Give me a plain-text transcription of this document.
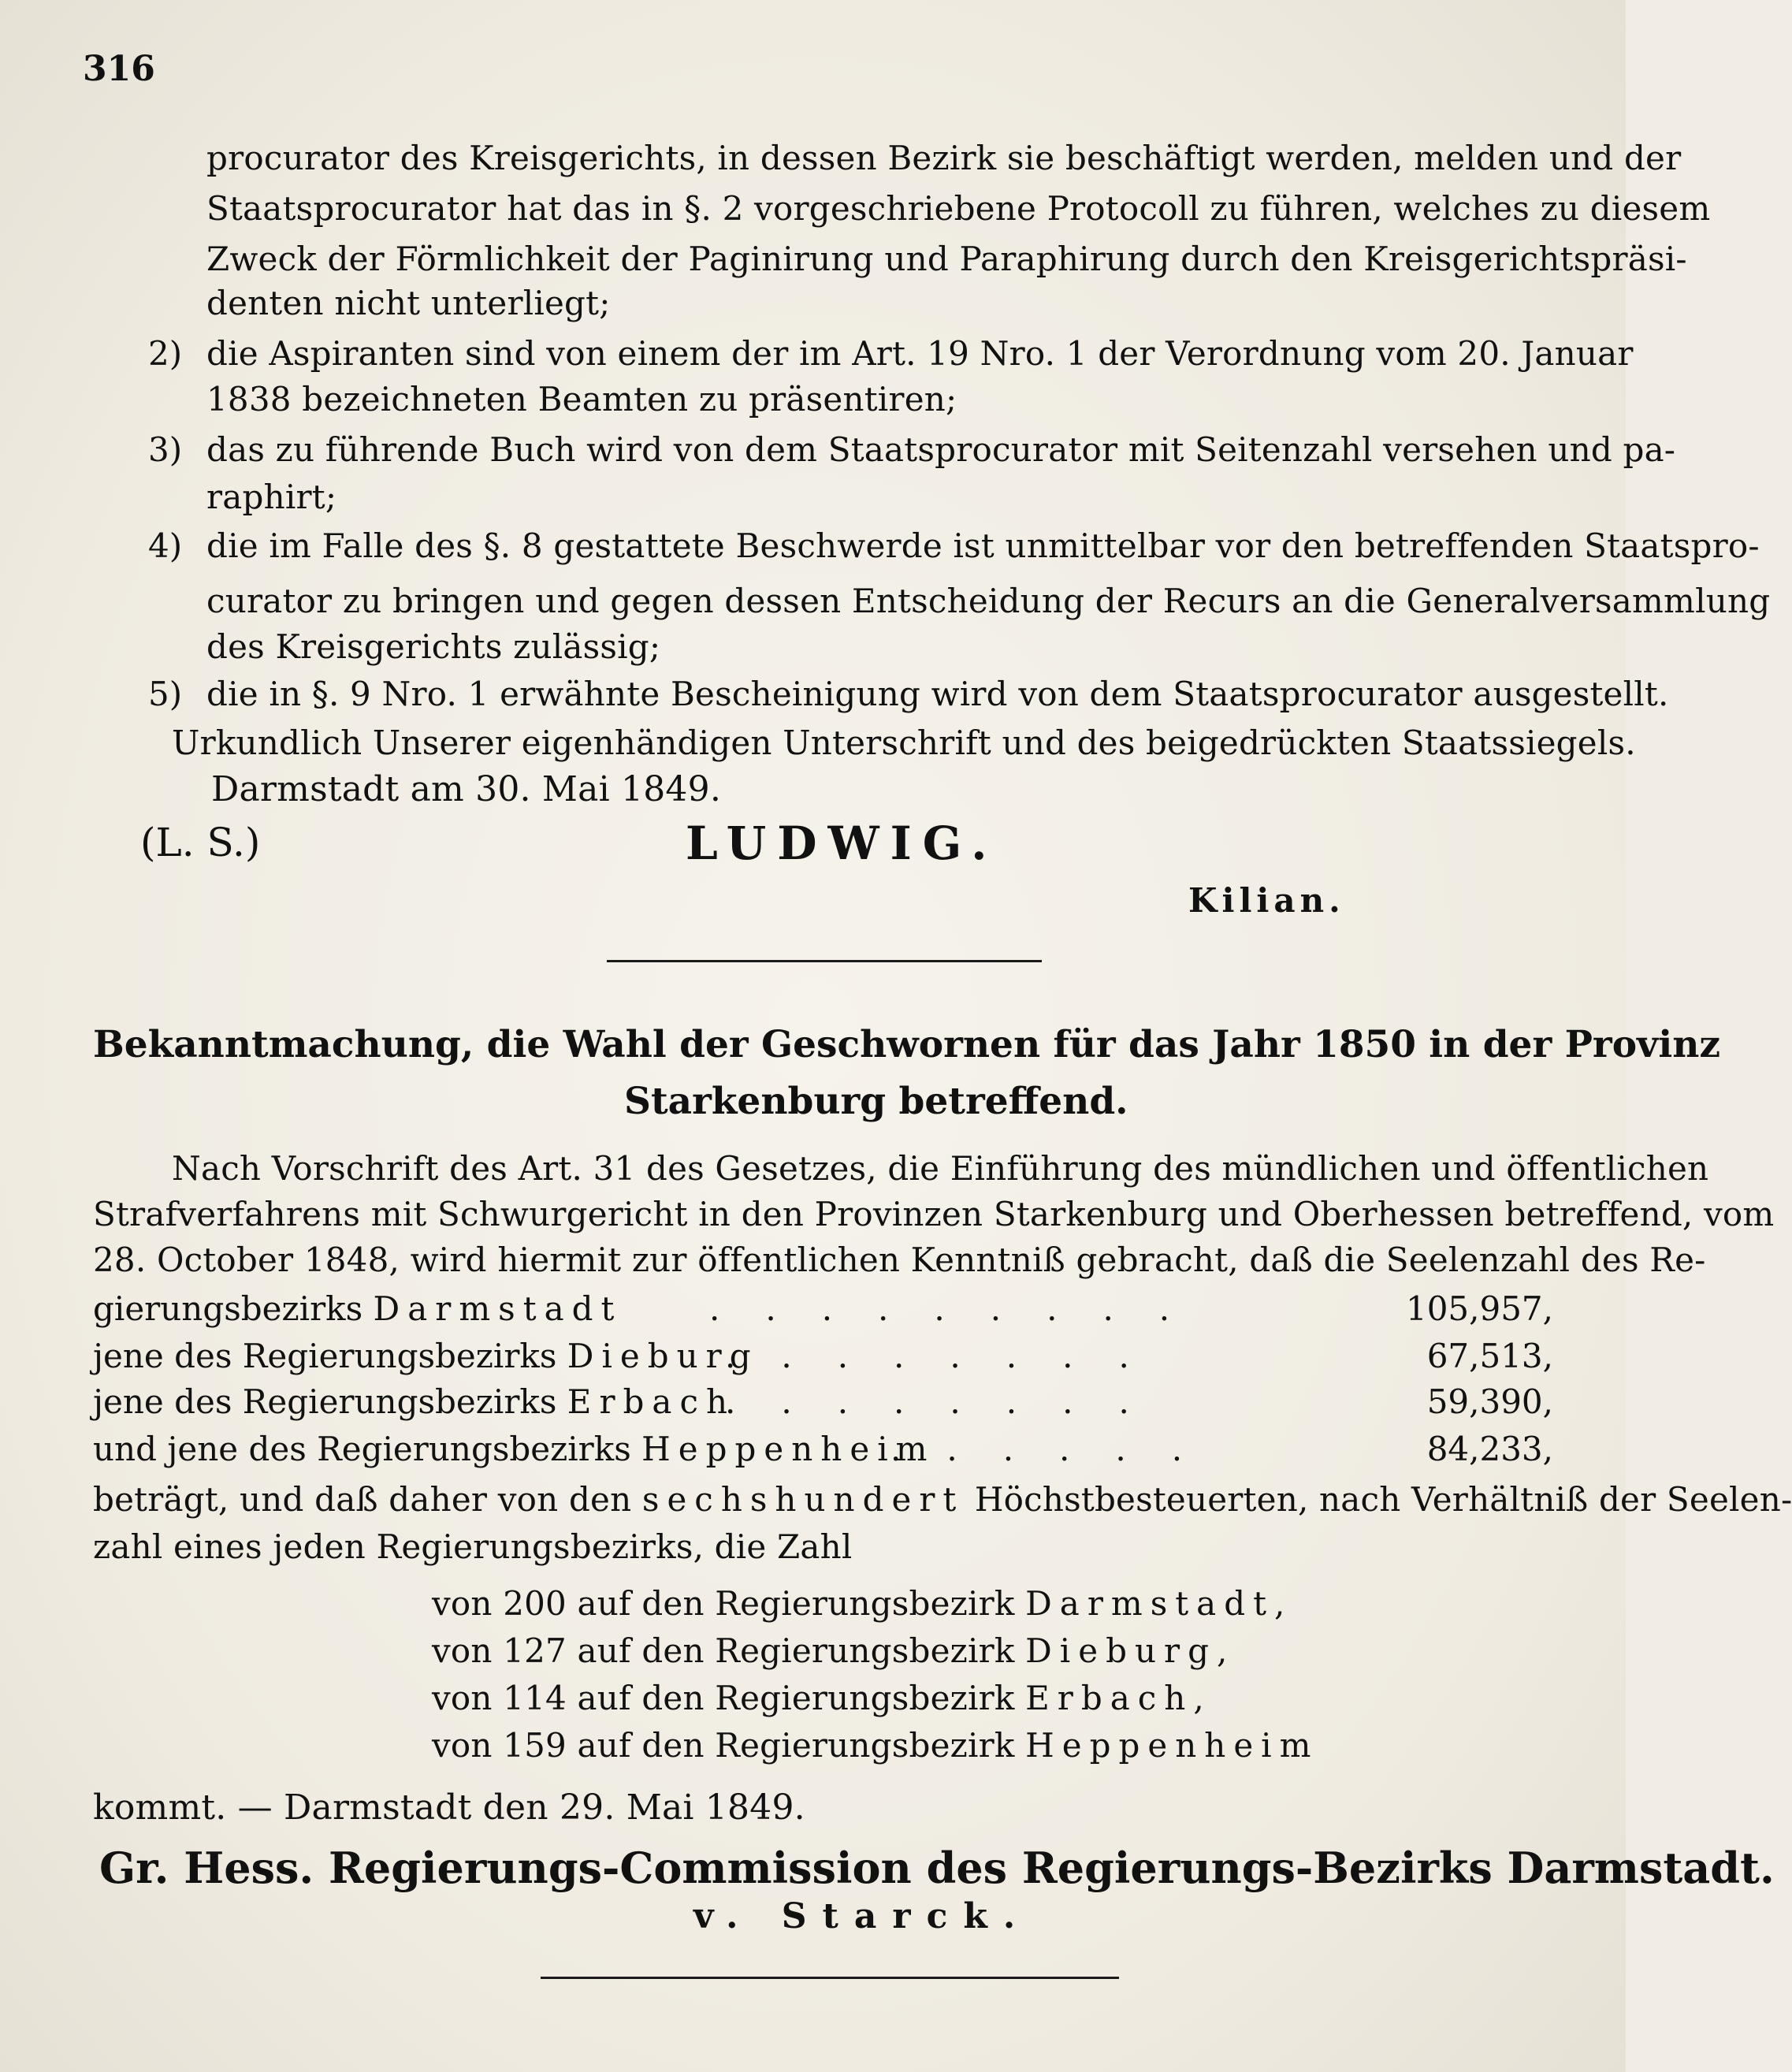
316
procurator des Kreisgerichts, in dessen Bezirk sie beschäftigt werden, melden und der
Staatsprocurator hat das in §. 2 vorgeschriebene Protocoll zu führen, welches zu diesem
Zweck der Förmlichkeit der Paginirung und Paraphirung durch den Kreisgerichtspräsi-
denten nicht unterliegt;
2) die Aspiranten sind von einem der im Art. 19 Nro. 1 der Verordnung vom 20. Januar
1838 bezeichneten Beamten zu präsentiren;
3) das zu führende Buch wird von dem Staatsprocurator mit Seitenzahl versehen und pa-
raphirt;
4) die im Falle des §. 8 gestattete Beschwerde ist unmittelbar vor den betreffenden Staatspro-
curator zu bringen und gegen dessen Entscheidung der Recurs an die Generalversammlung
des Kreisgerichts zulässig;
5) die in §. 9 Nro. 1 erwähnte Bescheinigung wird von dem Staatsprocurator ausgestellt.
Urkundlich Unserer eigenhändigen Unterschrift und des beigedrückten Staatssiegels.
Darmstadt am 30. Mai 1849.
(L. S.)	LUDWIG.
Kilian.
Bekanntmachung, die Wahl der Geschwornen für das Jahr 1850 in der Provinz
Starkenburg betreffend.
Nach Vorschrift des Art. 31 des Gesetzes, die Einführung des mündlichen und öffentlichen
Strafverfahrens mit Schwurgericht in den Provinzen Starkenburg und Oberhessen betreffend, vom
28. October 1848, wird hiermit zur öffentlichen Kenntniß gebracht, daß die Seelenzahl des Re-
gierungsbezirks Darmstadt	.........	105,957,
jene des Regierungsbezirks Dieburg
........	67,513,
jene des Regierungsbezirks Erbach
........	59,390,
und jene des Regierungsbezirks Heppenheim
......	84,233,
beträgt, und daß daher von den sechshundert Höchstbesteuerten, nach Verhältniß der Seelen-
zahl eines jeden Regierungsbezirks, die Zahl
von 200 auf den Regierungsbezirk Darmstadt,
von 127 auf den Regierungsbezirk Dieburg,
von 114 auf den Regierungsbezirk Erbach,
von 159 auf den Regierungsbezirk Heppenheim
kommt. — Darmstadt den 29. Mai 1849.
Gr. Hess. Regierungs-Commission des Regierungs-Bezirks Darmstadt.
v. Starck.
